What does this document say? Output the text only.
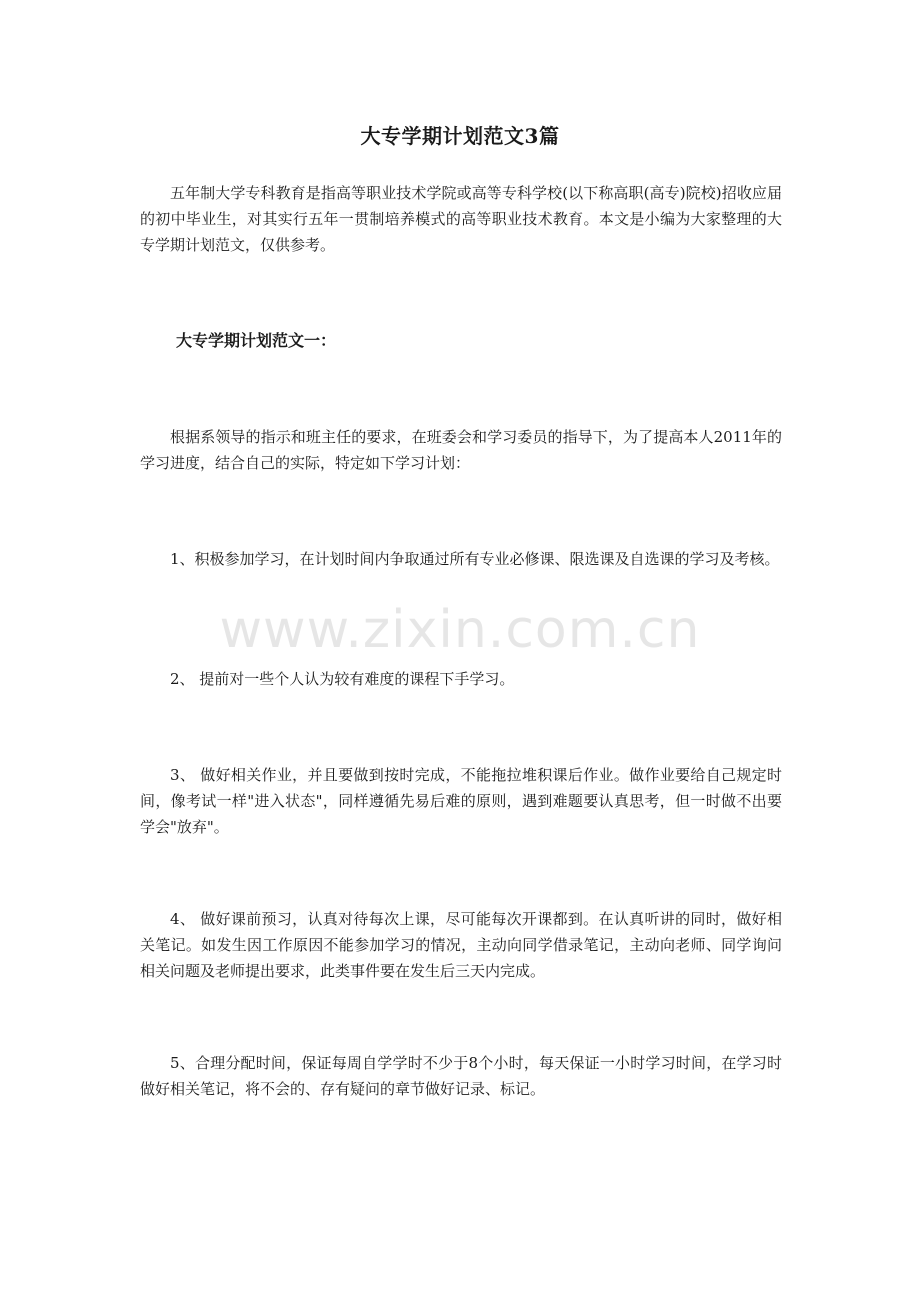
大专学期计划范文3篇

五年制大学专科教育是指高等职业技术学院或高等专科学校(以下称高职(高专)院校)招收应届的初中毕业生，对其实行五年一贯制培养模式的高等职业技术教育。本文是小编为大家整理的大专学期计划范文，仅供参考。

大专学期计划范文一：

根据系领导的指示和班主任的要求，在班委会和学习委员的指导下，为了提高本人2011年的学习进度，结合自己的实际，特定如下学习计划：

1、积极参加学习，在计划时间内争取通过所有专业必修课、限选课及自选课的学习及考核。

2、 提前对一些个人认为较有难度的课程下手学习。

3、 做好相关作业，并且要做到按时完成，不能拖拉堆积课后作业。做作业要给自己规定时间，像考试一样"进入状态"，同样遵循先易后难的原则，遇到难题要认真思考，但一时做不出要学会"放弃"。

4、 做好课前预习，认真对待每次上课，尽可能每次开课都到。在认真听讲的同时，做好相关笔记。如发生因工作原因不能参加学习的情况，主动向同学借录笔记，主动向老师、同学询问相关问题及老师提出要求，此类事件要在发生后三天内完成。

5、合理分配时间，保证每周自学学时不少于8个小时，每天保证一小时学习时间，在学习时做好相关笔记，将不会的、存有疑问的章节做好记录、标记。

www.zixin.com.cn
